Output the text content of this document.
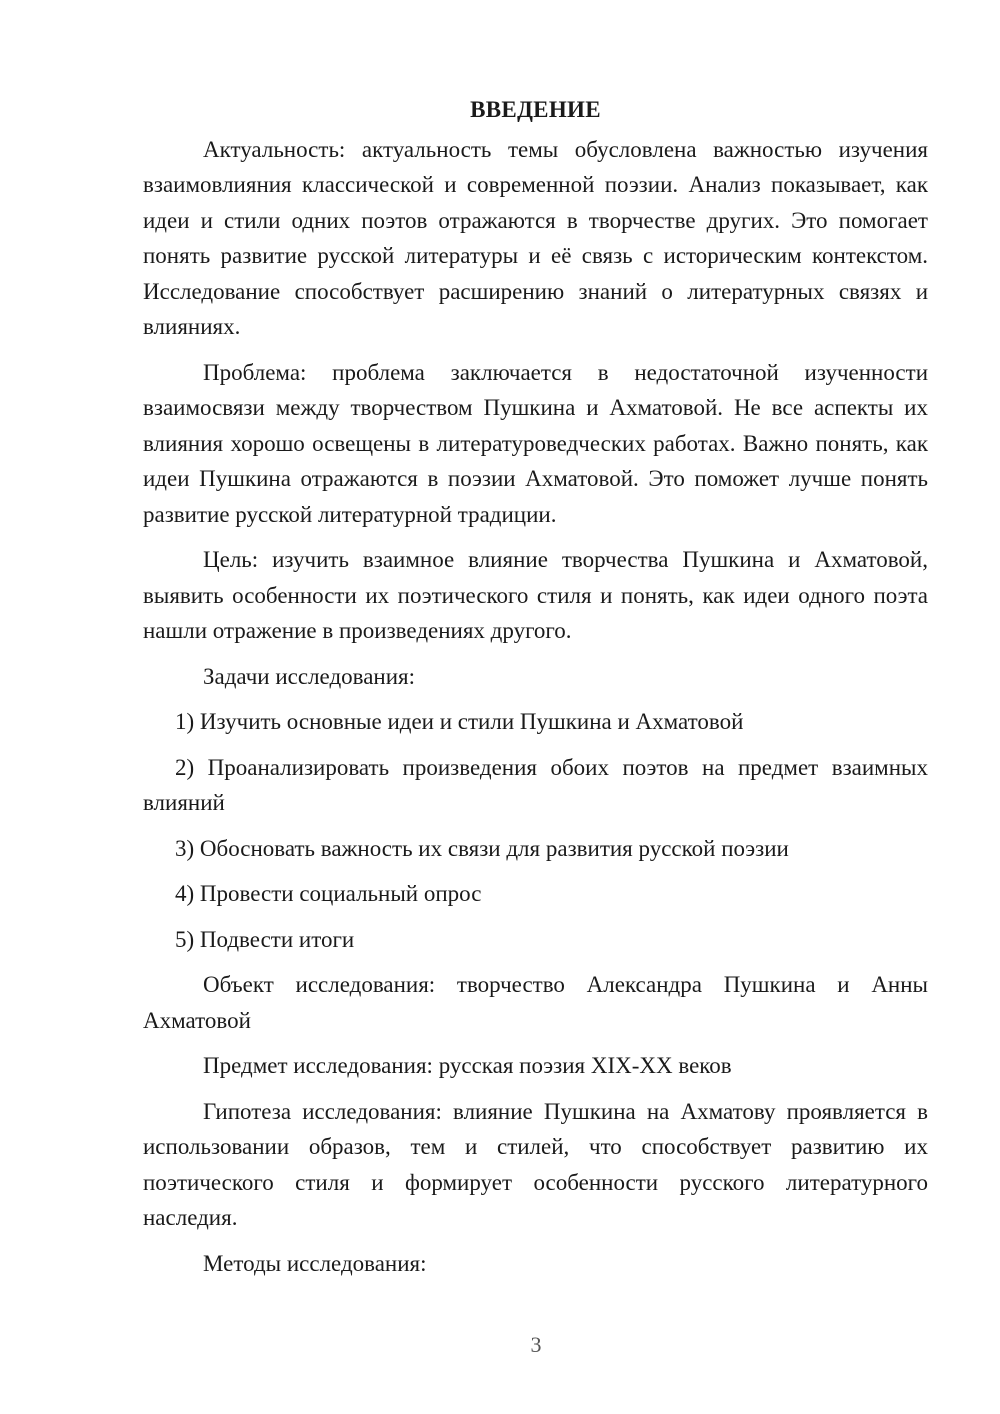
ВВЕДЕНИЕ

Актуальность: актуальность темы обусловлена важностью изучения взаимовлияния классической и современной поэзии. Анализ показывает, как идеи и стили одних поэтов отражаются в творчестве других. Это помогает понять развитие русской литературы и её связь с историческим контекстом. Исследование способствует расширению знаний о литературных связях и влияниях.

Проблема: проблема заключается в недостаточной изученности взаимосвязи между творчеством Пушкина и Ахматовой. Не все аспекты их влияния хорошо освещены в литературоведческих работах. Важно понять, как идеи Пушкина отражаются в поэзии Ахматовой. Это поможет лучше понять развитие русской литературной традиции.

Цель: изучить взаимное влияние творчества Пушкина и Ахматовой, выявить особенности их поэтического стиля и понять, как идеи одного поэта нашли отражение в произведениях другого.

Задачи исследования:

1) Изучить основные идеи и стили Пушкина и Ахматовой

2) Проанализировать произведения обоих поэтов на предмет взаимных влияний

3) Обосновать важность их связи для развития русской поэзии

4) Провести социальный опрос

5) Подвести итоги

Объект исследования: творчество Александра Пушкина и Анны Ахматовой

Предмет исследования: русская поэзия XIX-XX веков

Гипотеза исследования: влияние Пушкина на Ахматову проявляется в использовании образов, тем и стилей, что способствует развитию их поэтического стиля и формирует особенности русского литературного наследия.

Методы исследования:

3
